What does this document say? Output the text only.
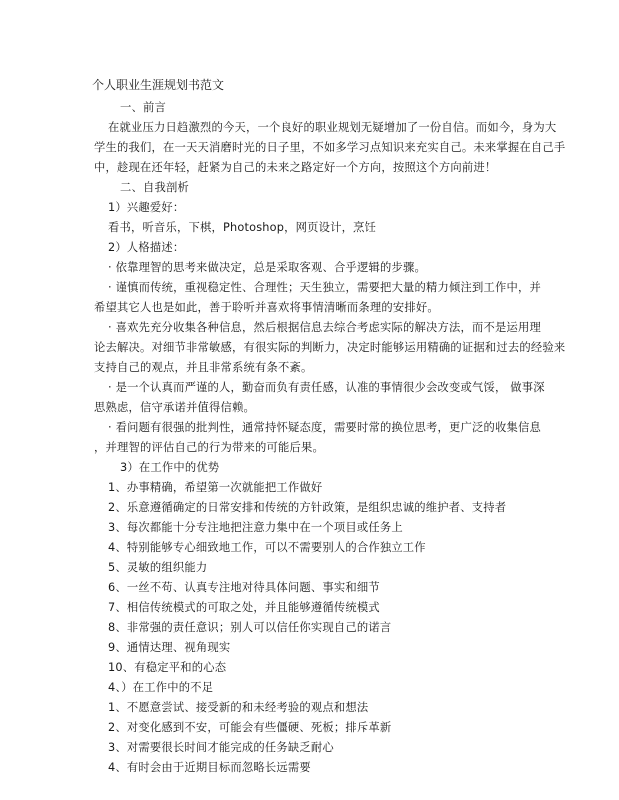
个人职业生涯规划书范文
一、前言
在就业压力日趋激烈的今天，一个良好的职业规划无疑增加了一份自信。而如今，身为大
学生的我们，在一天天消磨时光的日子里，不如多学习点知识来充实自己。未来掌握在自己手
中，趁现在还年轻，赶紧为自己的未来之路定好一个方向，按照这个方向前进！
二、自我剖析
1）兴趣爱好：
看书，听音乐，下棋，Photoshop，网页设计，烹饪
2）人格描述：
· 依靠理智的思考来做决定，总是采取客观、合乎逻辑的步骤。
· 谨慎而传统，重视稳定性、合理性；天生独立，需要把大量的精力倾注到工作中，并
希望其它人也是如此，善于聆听并喜欢将事情清晰而条理的安排好。
· 喜欢先充分收集各种信息，然后根据信息去综合考虑实际的解决方法，而不是运用理
论去解决。对细节非常敏感，有很实际的判断力，决定时能够运用精确的证据和过去的经验来
支持自己的观点，并且非常系统有条不紊。
· 是一个认真而严谨的人，勤奋而负有责任感，认准的事情很少会改变或气馁， 做事深
思熟虑，信守承诺并值得信赖。
· 看问题有很强的批判性，通常持怀疑态度，需要时常的换位思考，更广泛的收集信息
，并理智的评估自己的行为带来的可能后果。
3）在工作中的优势
1、办事精确，希望第一次就能把工作做好
2、乐意遵循确定的日常安排和传统的方针政策，是组织忠诚的维护者、支持者
3、每次都能十分专注地把注意力集中在一个项目或任务上
4、特别能够专心细致地工作，可以不需要别人的合作独立工作
5、灵敏的组织能力
6、一丝不苟、认真专注地对待具体问题、事实和细节
7、相信传统模式的可取之处，并且能够遵循传统模式
8、非常强的责任意识；别人可以信任你实现自己的诺言
9、通情达理、视角现实
10、有稳定平和的心态
4、）在工作中的不足
1、不愿意尝试、接受新的和未经考验的观点和想法
2、对变化感到不安，可能会有些僵硬、死板；排斥革新
3、对需要很长时间才能完成的任务缺乏耐心
4、有时会由于近期目标而忽略长远需要
